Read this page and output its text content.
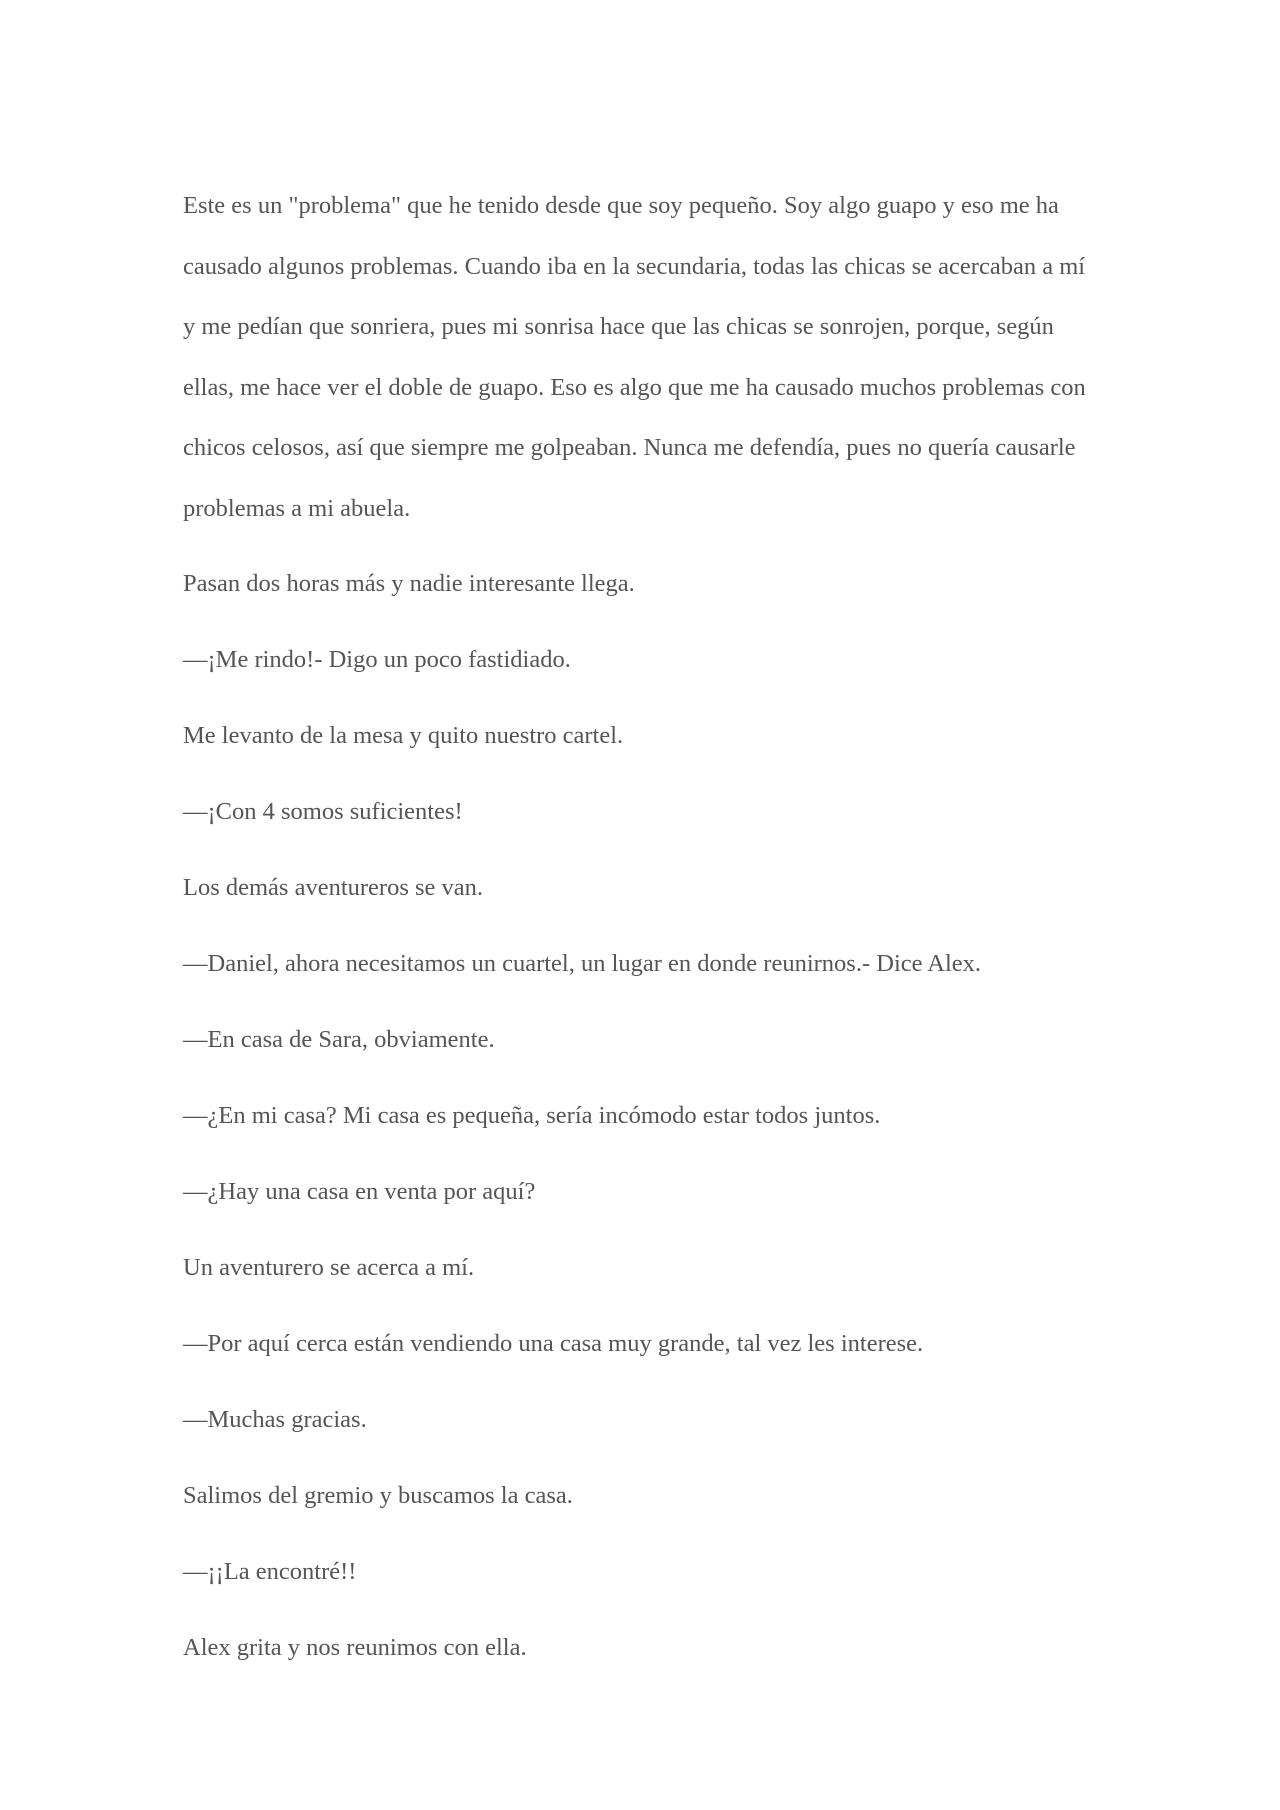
Este es un "problema" que he tenido desde que soy pequeño. Soy algo guapo y eso me ha causado algunos problemas. Cuando iba en la secundaria, todas las chicas se acercaban a mí y me pedían que sonriera, pues mi sonrisa hace que las chicas se sonrojen, porque, según ellas, me hace ver el doble de guapo. Eso es algo que me ha causado muchos problemas con chicos celosos, así que siempre me golpeaban. Nunca me defendía, pues no quería causarle problemas a mi abuela.

Pasan dos horas más y nadie interesante llega.

—¡Me rindo!- Digo un poco fastidiado.

Me levanto de la mesa y quito nuestro cartel.

—¡Con 4 somos suficientes!

Los demás aventureros se van.

—Daniel, ahora necesitamos un cuartel, un lugar en donde reunirnos.- Dice Alex.

—En casa de Sara, obviamente.

—¿En mi casa? Mi casa es pequeña, sería incómodo estar todos juntos.

—¿Hay una casa en venta por aquí?

Un aventurero se acerca a mí.

—Por aquí cerca están vendiendo una casa muy grande, tal vez les interese.

—Muchas gracias.

Salimos del gremio y buscamos la casa.

—¡¡La encontré!!

Alex grita y nos reunimos con ella.
